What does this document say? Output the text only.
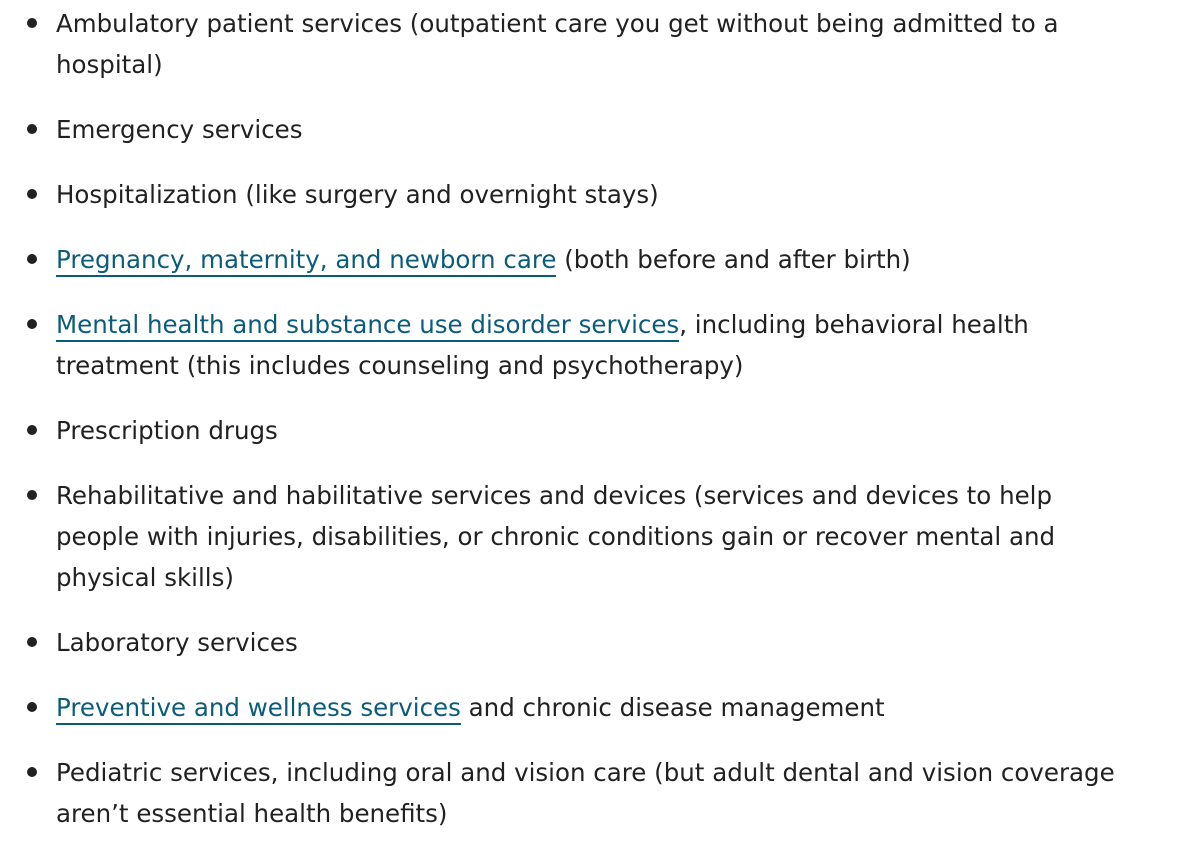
Ambulatory patient services (outpatient care you get without being admitted to a hospital)
Emergency services
Hospitalization (like surgery and overnight stays)
Pregnancy, maternity, and newborn care (both before and after birth)
Mental health and substance use disorder services, including behavioral health treatment (this includes counseling and psychotherapy)
Prescription drugs
Rehabilitative and habilitative services and devices (services and devices to help people with injuries, disabilities, or chronic conditions gain or recover mental and physical skills)
Laboratory services
Preventive and wellness services and chronic disease management
Pediatric services, including oral and vision care (but adult dental and vision coverage aren’t essential health benefits)
